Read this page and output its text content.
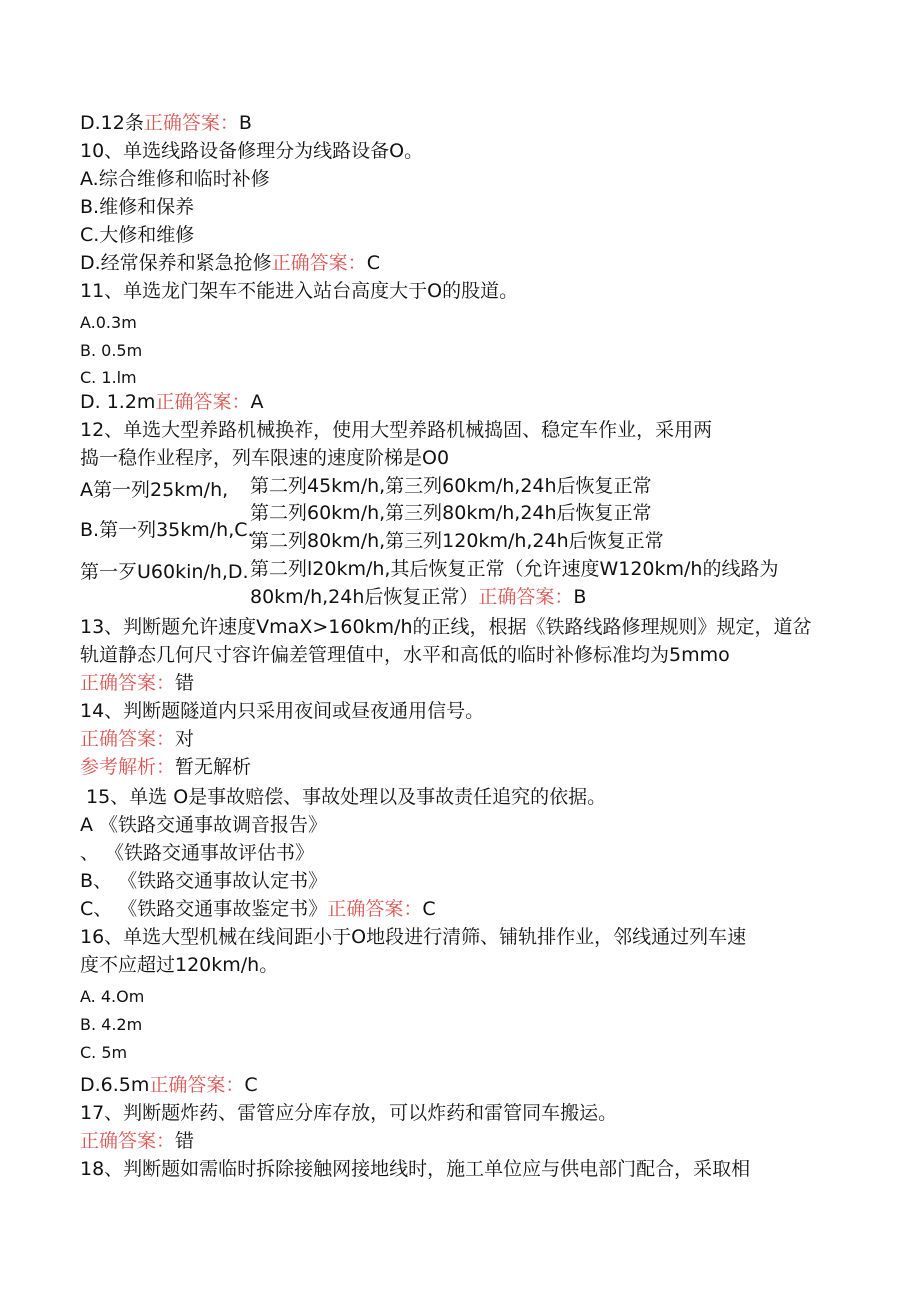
D.12条正确答案：B
10、单选线路设备修理分为线路设备O。
A.综合维修和临时补修
B.维修和保养
C.大修和维修
D.经常保养和紧急抢修正确答案：C
11、单选龙门架车不能进入站台高度大于O的股道。
A.0.3m
B. 0.5m
C. 1.lm
D. 1.2m正确答案：A
12、单选大型养路机械换祚，使用大型养路机械捣固、稳定车作业，采用两
捣一稳作业程序，列车限速的速度阶梯是O0
A第一列25km/h, 第二列45km/h,第三列60km/h,24h后恢复正常
B.第一列35km/h,C.
第二列60km/h,第三列80km/h,24h后恢复正常
第二列80km/h,第三列120km/h,24h后恢复正常
第一歹U60kin/h,D. 第二列l20km/h,其后恢复正常（允许速度W120km/h的线路为
80km/h,24h后恢复正常）正确答案：B
13、判断题允许速度VmaX>160km/h的正线，根据《铁路线路修理规则》规定，道岔
轨道静态几何尺寸容许偏差管理值中，水平和高低的临时补修标准均为5mmo
正确答案：错
14、判断题隧道内只采用夜间或昼夜通用信号。
正确答案：对
参考解析：暂无解析
15、单选 O是事故赔偿、事故处理以及事故责任追究的依据。
A 《铁路交通事故调音报告》
、 《铁路交通事故评估书》
B、 《铁路交通事故认定书》
C、 《铁路交通事故鉴定书》正确答案：C
16、单选大型机械在线间距小于O地段进行清筛、铺轨排作业，邻线通过列车速
度不应超过120km/h。
A. 4.Om
B. 4.2m
C. 5m
D.6.5m正确答案：C
17、判断题炸药、雷管应分库存放，可以炸药和雷管同车搬运。
正确答案：错
18、判断题如需临时拆除接触网接地线时，施工单位应与供电部门配合，采取相
